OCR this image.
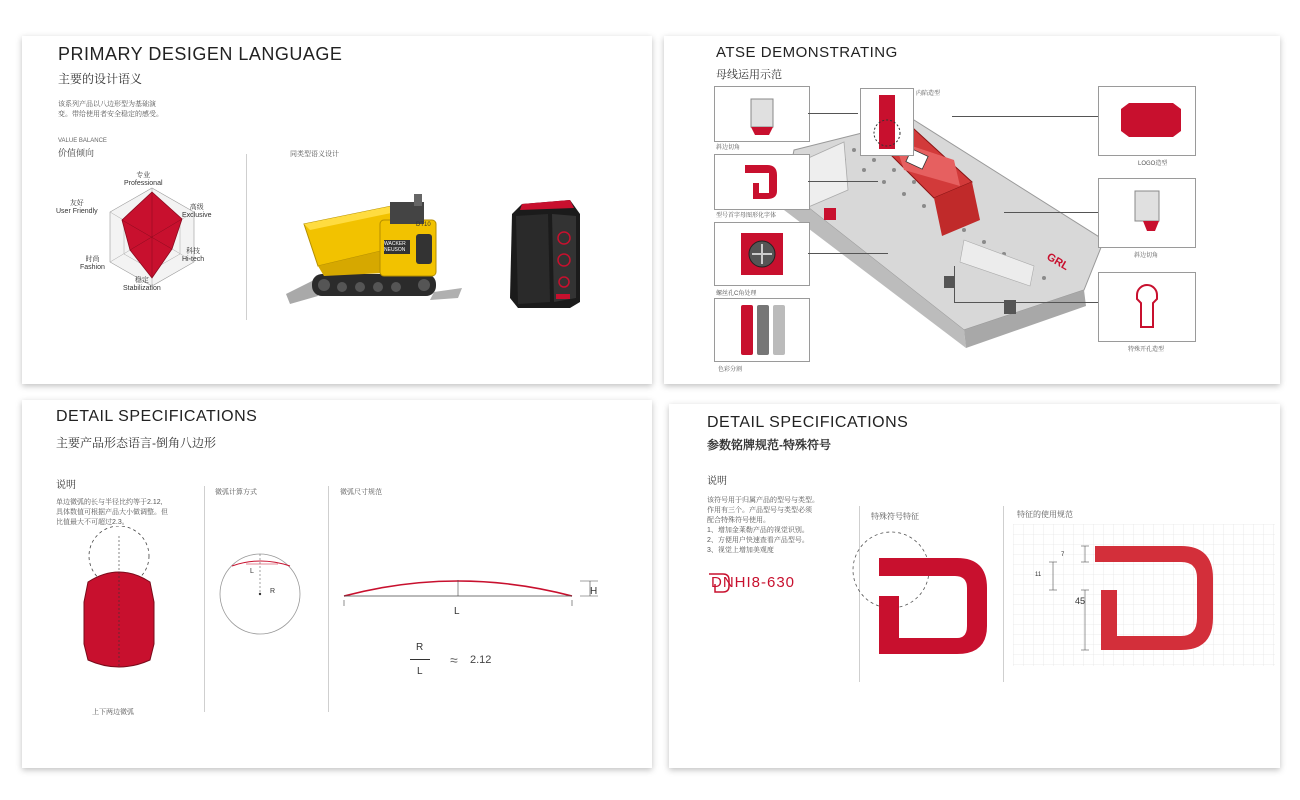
PRIMARY DESIGEN LANGUAGE
主要的设计语义
该系列产品以八边形型为基础演
变。带给使用者安全稳定的感受。
VALUE BALANCE
价值倾向
专业
Professional
高级
Exclusive
科技
Hi-tech
稳定
Stabilization
时尚
Fashion
友好
User Friendly
同类型语义设计
WACKER
NEUSON
DT10
ATSE DEMONSTRATING
母线运用示范
GRL
斜边切角
型号首字母图形化字体
螺丝孔C角处理
色彩分割
内陷造型
LOGO造型
斜边切角
特殊开孔造型
DETAIL SPECIFICATIONS
主要产品形态语言-倒角八边形
说明
单边微弧的长与半径比约等于2.12,
具体数值可根据产品大小做调整。但
比值最大不可超过2.3。
上下两边微弧
微弧计算方式	微弧尺寸规范
L
R
L
H
R
L
≈ 2.12
DETAIL SPECIFICATIONS
参数铭牌规范-特殊符号
说明
该符号用于归属产品的型号与类型。
作用有三个。产品型号与类型必须
配合特殊符号使用。
1、增加金莱勒产品的视觉识别。
2、方便用户快速查看产品型号。
3、视觉上增加美观度
DNHI8-630
特殊符号特征	特征的使用规范
7
11
45
